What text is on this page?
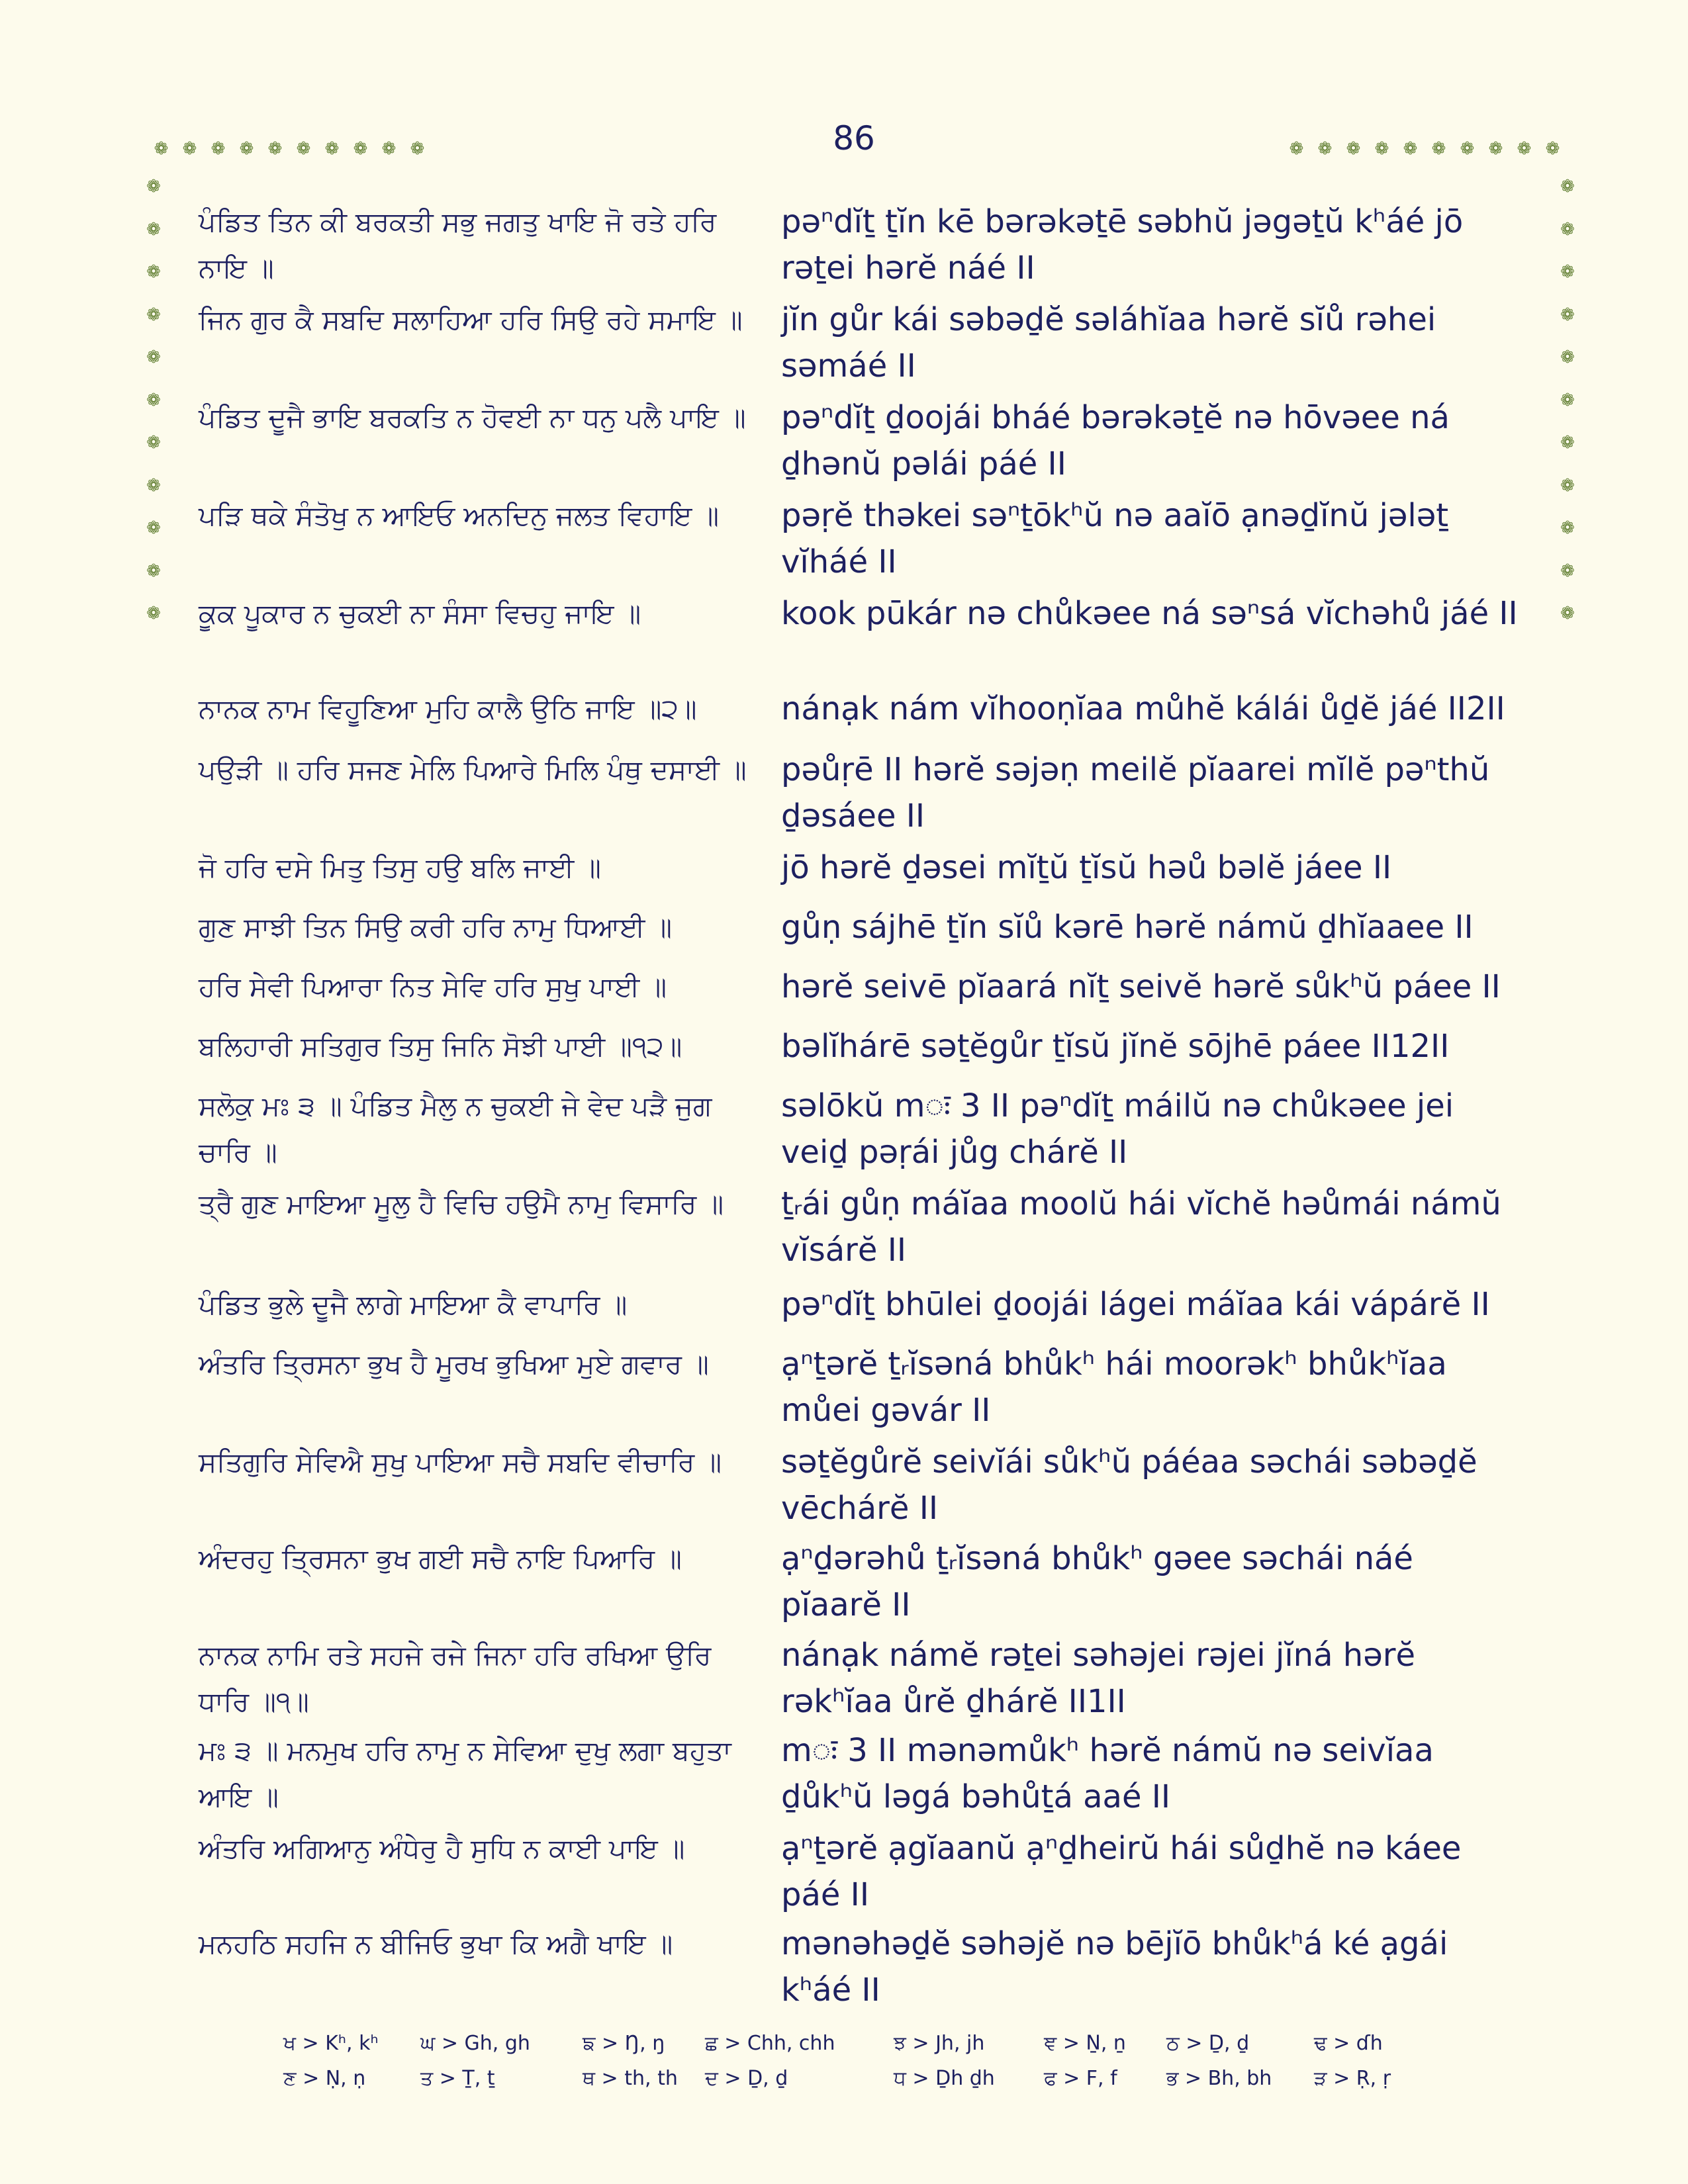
86
❁ ❁ ❁ ❁ ❁ ❁ ❁ ❁ ❁ ❁	❁ ❁ ❁ ❁ ❁ ❁ ❁ ❁ ❁ ❁
❁
❁
❁
❁
❁
❁
❁
❁
❁
❁
❁
❁
❁
❁
❁
❁
❁
❁
❁
❁
❁
❁
ਪੰਡਿਤ ਤਿਨ ਕੀ ਬਰਕਤੀ ਸਭੁ ਜਗਤੁ ਖਾਇ ਜੋ ਰਤੇ ਹਰਿ ਨਾਇ ॥
pəⁿdĭṯ ṯĭn kē bərəkəṯē səbhŭ jəgəṯŭ kʰáé jō rəṯei hərĕ náé II
ਜਿਨ ਗੁਰ ਕੈ ਸਬਦਿ ਸਲਾਹਿਆ ਹਰਿ ਸਿਉ ਰਹੇ ਸਮਾਇ ॥ jĭn gůr kái səbəḏĕ səláhĭaa hərĕ sĭů rəhei səmáé II
ਪੰਡਿਤ ਦੂਜੈ ਭਾਇ ਬਰਕਤਿ ਨ ਹੋਵਈ ਨਾ ਧਨੁ ਪਲੈ ਪਾਇ ॥ pəⁿdĭṯ ḏoojái bháé bərəkəṯĕ nə hōvəee ná ḏhənŭ pəlái páé II
ਪੜਿ ਥਕੇ ਸੰਤੋਖੁ ਨ ਆਇਓ ਅਨਦਿਨੁ ਜਲਤ ਵਿਹਾਇ ॥	pəṛĕ thəkei səⁿṯōkʰŭ nə aaĭō ạnəḏĭnŭ jələṯ vĭháé II
ਕੂਕ ਪੂਕਾਰ ਨ ਚੁਕਈ ਨਾ ਸੰਸਾ ਵਿਚਹੁ ਜਾਇ ॥	kook pūkár nə chůkəee ná səⁿsá vĭchəhů jáé II
ਨਾਨਕ ਨਾਮ ਵਿਹੂਣਿਆ ਮੁਹਿ ਕਾਲੈ ਉਠਿ ਜਾਇ ॥੨॥	nánạk nám vĭhooṇĭaa můhĕ kálái ůḏĕ jáé II2II
ਪਉੜੀ ॥ ਹਰਿ ਸਜਣ ਮੇਲਿ ਪਿਆਰੇ ਮਿਲਿ ਪੰਥੁ ਦਸਾਈ ॥ pəůṛē II hərĕ səjəṇ meilĕ pĭaarei mĭlĕ pəⁿthŭ ḏəsáee II
ਜੋ ਹਰਿ ਦਸੇ ਮਿਤੁ ਤਿਸੁ ਹਉ ਬਲਿ ਜਾਈ ॥	jō hərĕ ḏəsei mĭṯŭ ṯĭsŭ həů bəlĕ jáee II
ਗੁਣ ਸਾਝੀ ਤਿਨ ਸਿਉ ਕਰੀ ਹਰਿ ਨਾਮੁ ਧਿਆਈ ॥	gůṇ sájhē ṯĭn sĭů kərē hərĕ námŭ ḏhĭaaee II
ਹਰਿ ਸੇਵੀ ਪਿਆਰਾ ਨਿਤ ਸੇਵਿ ਹਰਿ ਸੁਖੁ ਪਾਈ ॥	hərĕ seivē pĭaará nĭṯ seivĕ hərĕ sůkʰŭ páee II
ਬਲਿਹਾਰੀ ਸਤਿਗੁਰ ਤਿਸੁ ਜਿਨਿ ਸੋਝੀ ਪਾਈ ॥੧੨॥	bəlĭhárē səṯĕgůr ṯĭsŭ jĭnĕ sōjhē páee II12II
ਸਲੋਕੁ ਮਃ ੩ ॥ ਪੰਡਿਤ ਮੈਲੁ ਨ ਚੁਕਈ ਜੇ ਵੇਦ ਪੜੈ ਜੁਗ ਚਾਰਿ ॥
səlōkŭ mः 3 II pəⁿdĭṯ máilŭ nə chůkəee jei veiḏ pəṛái jůg chárĕ II
ਤ੍ਰੈ ਗੁਣ ਮਾਇਆ ਮੂਲੁ ਹੈ ਵਿਚਿ ਹਉਮੈ ਨਾਮੁ ਵਿਸਾਰਿ ॥	ṯᵣái gůṇ máĭaa moolŭ hái vĭchĕ həůmái námŭ vĭsárĕ II
ਪੰਡਿਤ ਭੁਲੇ ਦੂਜੈ ਲਾਗੇ ਮਾਇਆ ਕੈ ਵਾਪਾਰਿ ॥	pəⁿdĭṯ bhūlei ḏoojái lágei máĭaa kái vápárĕ II
ਅੰਤਰਿ ਤ੍ਰਿਸਨਾ ਭੁਖ ਹੈ ਮੂਰਖ ਭੁਖਿਆ ਮੁਏ ਗਵਾਰ ॥	ạⁿṯərĕ ṯᵣĭsəná bhůkʰ hái moorəkʰ bhůkʰĭaa můei gəvár II
ਸਤਿਗੁਰਿ ਸੇਵਿਐ ਸੁਖੁ ਪਾਇਆ ਸਚੈ ਸਬਦਿ ਵੀਚਾਰਿ ॥	səṯĕgůrĕ seivĭái sůkʰŭ páéaa səchái səbəḏĕ vēchárĕ II
ਅੰਦਰਹੁ ਤ੍ਰਿਸਨਾ ਭੁਖ ਗਈ ਸਚੈ ਨਾਇ ਪਿਆਰਿ ॥	ạⁿḏərəhů ṯᵣĭsəná bhůkʰ gəee səchái náé pĭaarĕ II
ਨਾਨਕ ਨਾਮਿ ਰਤੇ ਸਹਜੇ ਰਜੇ ਜਿਨਾ ਹਰਿ ਰਖਿਆ ਉਰਿ ਧਾਰਿ ॥੧॥
nánạk námĕ rəṯei səhəjei rəjei jĭná hərĕ rəkʰĭaa ůrĕ ḏhárĕ II1II
ਮਃ ੩ ॥ ਮਨਮੁਖ ਹਰਿ ਨਾਮੁ ਨ ਸੇਵਿਆ ਦੁਖੁ ਲਗਾ ਬਹੁਤਾ ਆਇ ॥
mः 3 II mənəmůkʰ hərĕ námŭ nə seivĭaa ḏůkʰŭ ləgá bəhůṯá aaé II
ਅੰਤਰਿ ਅਗਿਆਨੁ ਅੰਧੇਰੁ ਹੈ ਸੁਧਿ ਨ ਕਾਈ ਪਾਇ ॥	ạⁿṯərĕ ạgĭaanŭ ạⁿḏheirŭ hái sůḏhĕ nə káee páé II
ਮਨਹਠਿ ਸਹਜਿ ਨ ਬੀਜਿਓ ਭੁਖਾ ਕਿ ਅਗੈ ਖਾਇ ॥	mənəhəḏĕ səhəjĕ nə bējĭō bhůkʰá ké ạgái kʰáé II
ਖ > Kʰ, kʰ ਘ > Gh, gh	ਙ > Ŋ, ŋ ਛ > Chh, chh	ਝ > Jh, jh	ਞ > Ṉ, ṉ ਠ > Ḏ, ḏ	ਢ > ɗh
ਣ > Ṇ, ṇ	ਤ > Ṯ, ṯ	ਥ > th, th ਦ > Ḏ, ḏ	ਧ > Ḏh ḏh ਫ > F, f ਭ > Bh, bh ੜ > Ṛ, ṛ
